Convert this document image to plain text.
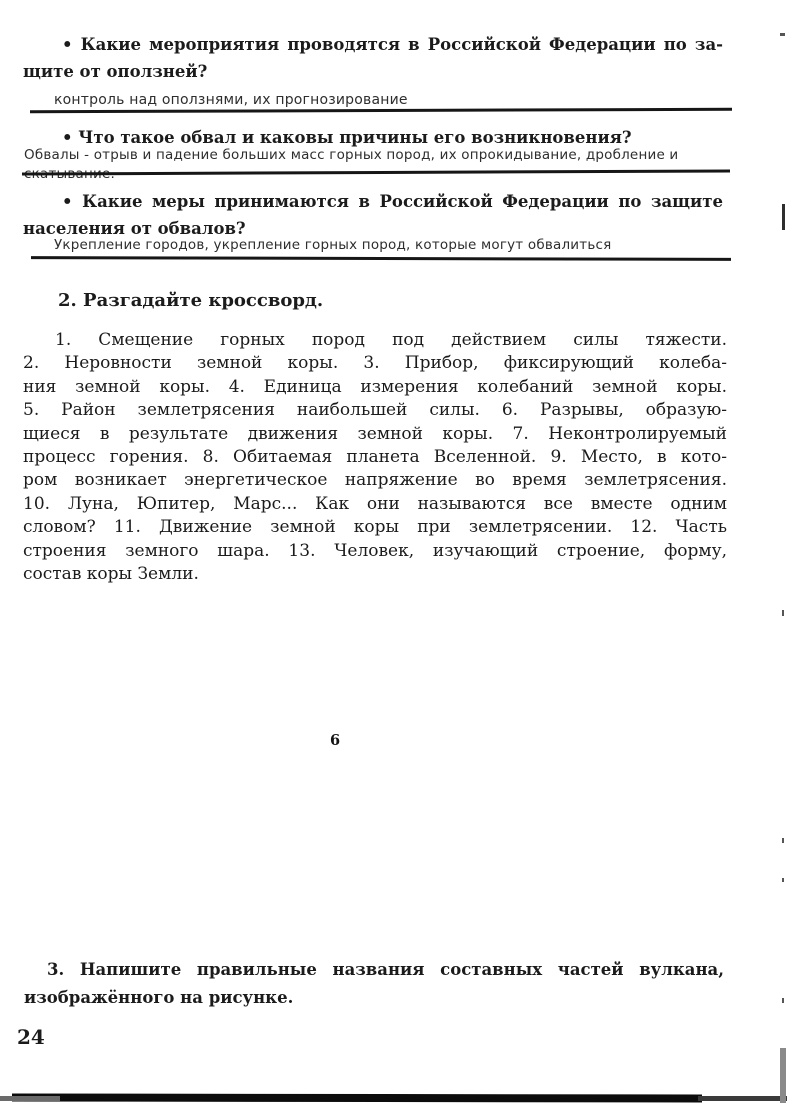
• Какие мероприятия проводятся в Российской Федерации по за-
щите от оползней?
контроль над оползнями, их прогнозирование
• Что такое обвал и каковы причины его возникновения?
Обвалы - отрыв и падение больших масс горных пород, их опрокидывание, дробление и
• Какие меры принимаются в Российской Федерации по защите
населения от обвалов?
Укрепление городов, укрепление горных пород, которые могут обвалиться
2. Разгадайте кроссворд.
1. Смещение горных пород под действием силы тяжести.
2. Неровности земной коры. 3. Прибор, фиксирующий колеба-
ния земной коры. 4. Единица измерения колебаний земной коры.
5. Район землетрясения наибольшей силы. 6. Разрывы, образую-
щиеся в результате движения земной коры. 7. Неконтролируемый
процесс горения. 8. Обитаемая планета Вселенной. 9. Место, в кото-
ром возникает энергетическое напряжение во время землетрясения.
10. Луна, Юпитер, Марс... Как они называются все вместе одним
словом? 11. Движение земной коры при землетрясении. 12. Часть
строения земного шара. 13. Человек, изучающий строение, форму,
состав коры Земли.
6
3. Напишите правильные названия составных частей вулкана,
изображённого на рисунке.
24
